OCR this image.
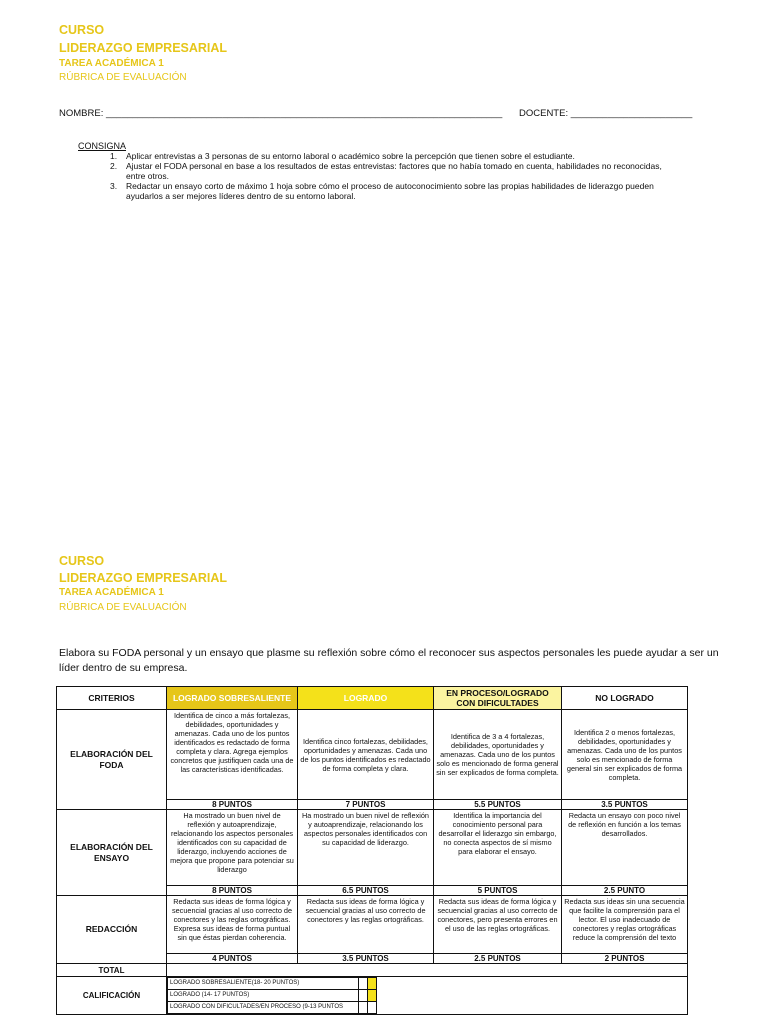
CURSO
LIDERAZGO EMPRESARIAL
TAREA ACADÉMICA 1
RÚBRICA DE EVALUACIÓN
NOMBRE: ___________________________________________________________________________ DOCENTE: _______________________
CONSIGNA
1. Aplicar entrevistas a 3 personas de su entorno laboral o académico sobre la percepción que tienen sobre el estudiante.
2. Ajustar el FODA personal en base a los resultados de estas entrevistas: factores que no había tomado en cuenta, habilidades no reconocidas, entre otros.
3. Redactar un ensayo corto de máximo 1 hoja sobre cómo el proceso de autoconocimiento sobre las propias habilidades de liderazgo pueden ayudarlos a ser mejores líderes dentro de su entorno laboral.
CURSO
LIDERAZGO EMPRESARIAL
TAREA ACADÉMICA 1
RÚBRICA DE EVALUACIÓN
Elabora su FODA personal y un ensayo que plasme su reflexión sobre cómo el reconocer sus aspectos personales les puede ayudar a ser un líder dentro de su empresa.
CRITERIOS	LOGRADO SOBRESALIENTE	LOGRADO	EN PROCESO/LOGRADO CON DIFICULTADES	NO LOGRADO
ELABORACIÓN DEL FODA	Identifica de cinco a más fortalezas, debilidades, oportunidades y amenazas. Cada uno de los puntos identificados es redactado de forma completa y clara. Agrega ejemplos concretos que justifiquen cada una de las características identificadas.	Identifica cinco fortalezas, debilidades, oportunidades y amenazas. Cada uno de los puntos identificados es redactado de forma completa y clara.	Identifica de 3 a 4 fortalezas, debilidades, oportunidades y amenazas. Cada uno de los puntos solo es mencionado de forma general sin ser explicados de forma completa.	Identifica 2 o menos fortalezas, debilidades, oportunidades y amenazas. Cada uno de los puntos solo es mencionado de forma general sin ser explicados de forma completa.
8 PUNTOS	7 PUNTOS	5.5 PUNTOS	3.5 PUNTOS
ELABORACIÓN DEL ENSAYO	Ha mostrado un buen nivel de reflexión y autoaprendizaje, relacionando los aspectos personales identificados con su capacidad de liderazgo, incluyendo acciones de mejora que propone para potenciar su liderazgo	Ha mostrado un buen nivel de reflexión y autoaprendizaje, relacionando los aspectos personales identificados con su capacidad de liderazgo.	Identifica la importancia del conocimiento personal para desarrollar el liderazgo sin embargo, no conecta aspectos de sí mismo para elaborar el ensayo.	Redacta un ensayo con poco nivel de reflexión en función a los temas desarrollados.
8 PUNTOS	6.5 PUNTOS	5 PUNTOS	2.5 PUNTO
REDACCIÓN	Redacta sus ideas de forma lógica y secuencial gracias al uso correcto de conectores y las reglas ortográficas. Expresa sus ideas de forma puntual sin que éstas pierdan coherencia.	Redacta sus ideas de forma lógica y secuencial gracias al uso correcto de conectores y las reglas ortográficas.	Redacta sus ideas de forma lógica y secuencial gracias al uso correcto de conectores, pero presenta errores en el uso de las reglas ortográficas.	Redacta sus ideas sin una secuencia que facilite la comprensión para el lector. El uso inadecuado de conectores y reglas ortográficas reduce la comprensión del texto
4 PUNTOS	3.5 PUNTOS	2.5 PUNTOS	2 PUNTOS
TOTAL	
CALIFICACIÓN	
LOGRADO SOBRESALIENTE(18- 20 PUNTOS)		
LOGRADO (14- 17 PUNTOS)		
LOGRADO CON DIFICULTADES/EN PROCESO (9-13 PUNTOS		
